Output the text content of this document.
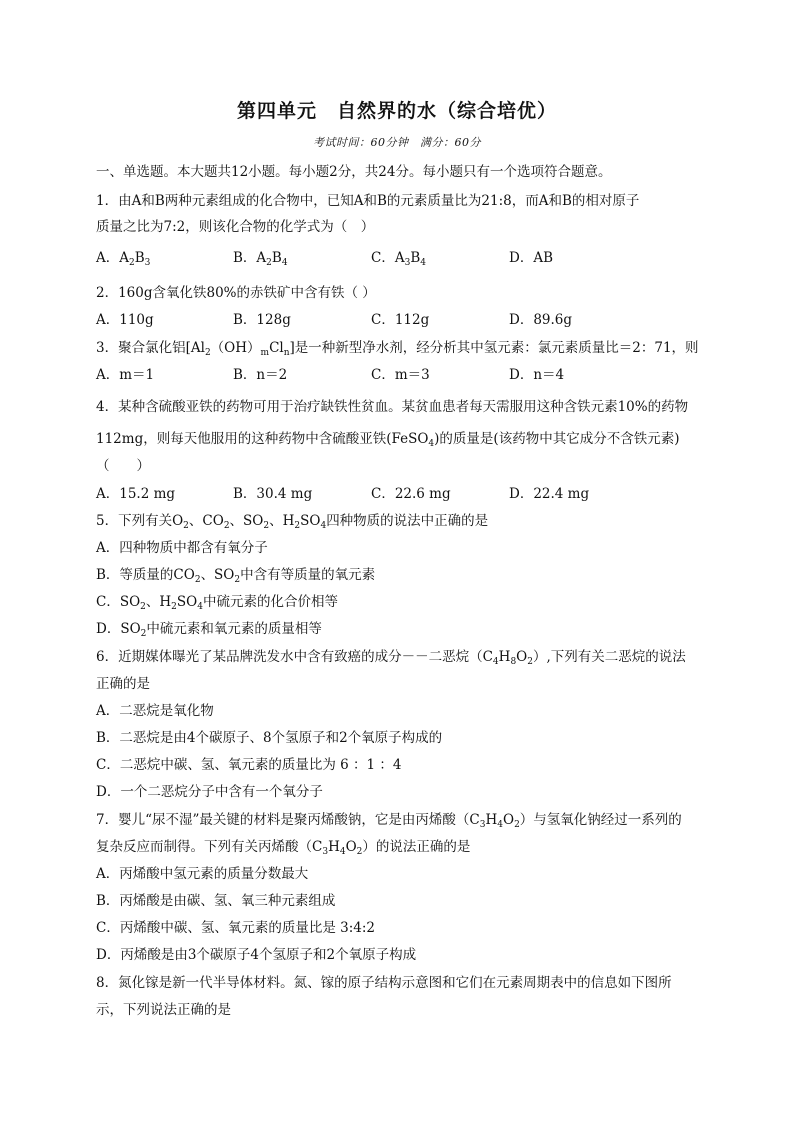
第四单元　自然界的水（综合培优）
考试时间：60分钟　满分：60分
一、单选题。本大题共12小题。每小题2分，共24分。每小题只有一个选项符合题意。
1．由A和B两种元素组成的化合物中，已知A和B的元素质量比为21:8，而A和B的相对原子
质量之比为7:2，则该化合物的化学式为（　）
A．$A_2B_3$	B．$A_2B_4$	C．$A_3B_4$	D．AB
2．160g含氧化铁80%的赤铁矿中含有铁（ ）
A．110g	B．128g	C．112g	D．89.6g
3．聚合氯化铝$[Al_2(OH)_mCl_n]$是一种新型净水剂，经分析其中氢元素：氯元素质量比＝2：71，则
A．m＝1	B．n＝2	C．m＝3	D．n＝4
4．某种含硫酸亚铁的药物可用于治疗缺铁性贫血。某贫血患者每天需服用这种含铁元素10%的药物
112mg，则每天他服用的这种药物中含硫酸亚铁(FeSO$_4$)的质量是(该药物中其它成分不含铁元素)
（　　）
A．15.2 mg	B．30.4 mg	C．22.6 mg	D．22.4 mg
5．下列有关$O_2$、$CO_2$、$SO_2$、$H_2SO_4$四种物质的说法中正确的是
A．四种物质中都含有氧分子
B．等质量的$CO_2$、$SO_2$中含有等质量的氧元素
C．$SO_2$、$H_2SO_4$中硫元素的化合价相等
D．$SO_2$中硫元素和氧元素的质量相等
6．近期媒体曝光了某品牌洗发水中含有致癌的成分－－二恶烷$(C_4H_8O_2)$,下列有关二恶烷的说法
正确的是
A．二恶烷是氧化物
B．二恶烷是由4个碳原子、8个氢原子和2个氧原子构成的
C．二恶烷中碳、氢、氧元素的质量比为 6 ：1 ：4
D．一个二恶烷分子中含有一个氧分子
7．婴儿“尿不湿”最关键的材料是聚丙烯酸钠，它是由丙烯酸$(C_3H_4O_2)$与氢氧化钠经过一系列的
复杂反应而制得。下列有关丙烯酸$(C_3H_4O_2)$的说法正确的是
A．丙烯酸中氢元素的质量分数最大
B．丙烯酸是由碳、氢、氧三种元素组成
C．丙烯酸中碳、氢、氧元素的质量比是 3:4:2
D．丙烯酸是由3个碳原子4个氢原子和2个氧原子构成
8．氮化镓是新一代半导体材料。氮、镓的原子结构示意图和它们在元素周期表中的信息如下图所
示，下列说法正确的是
